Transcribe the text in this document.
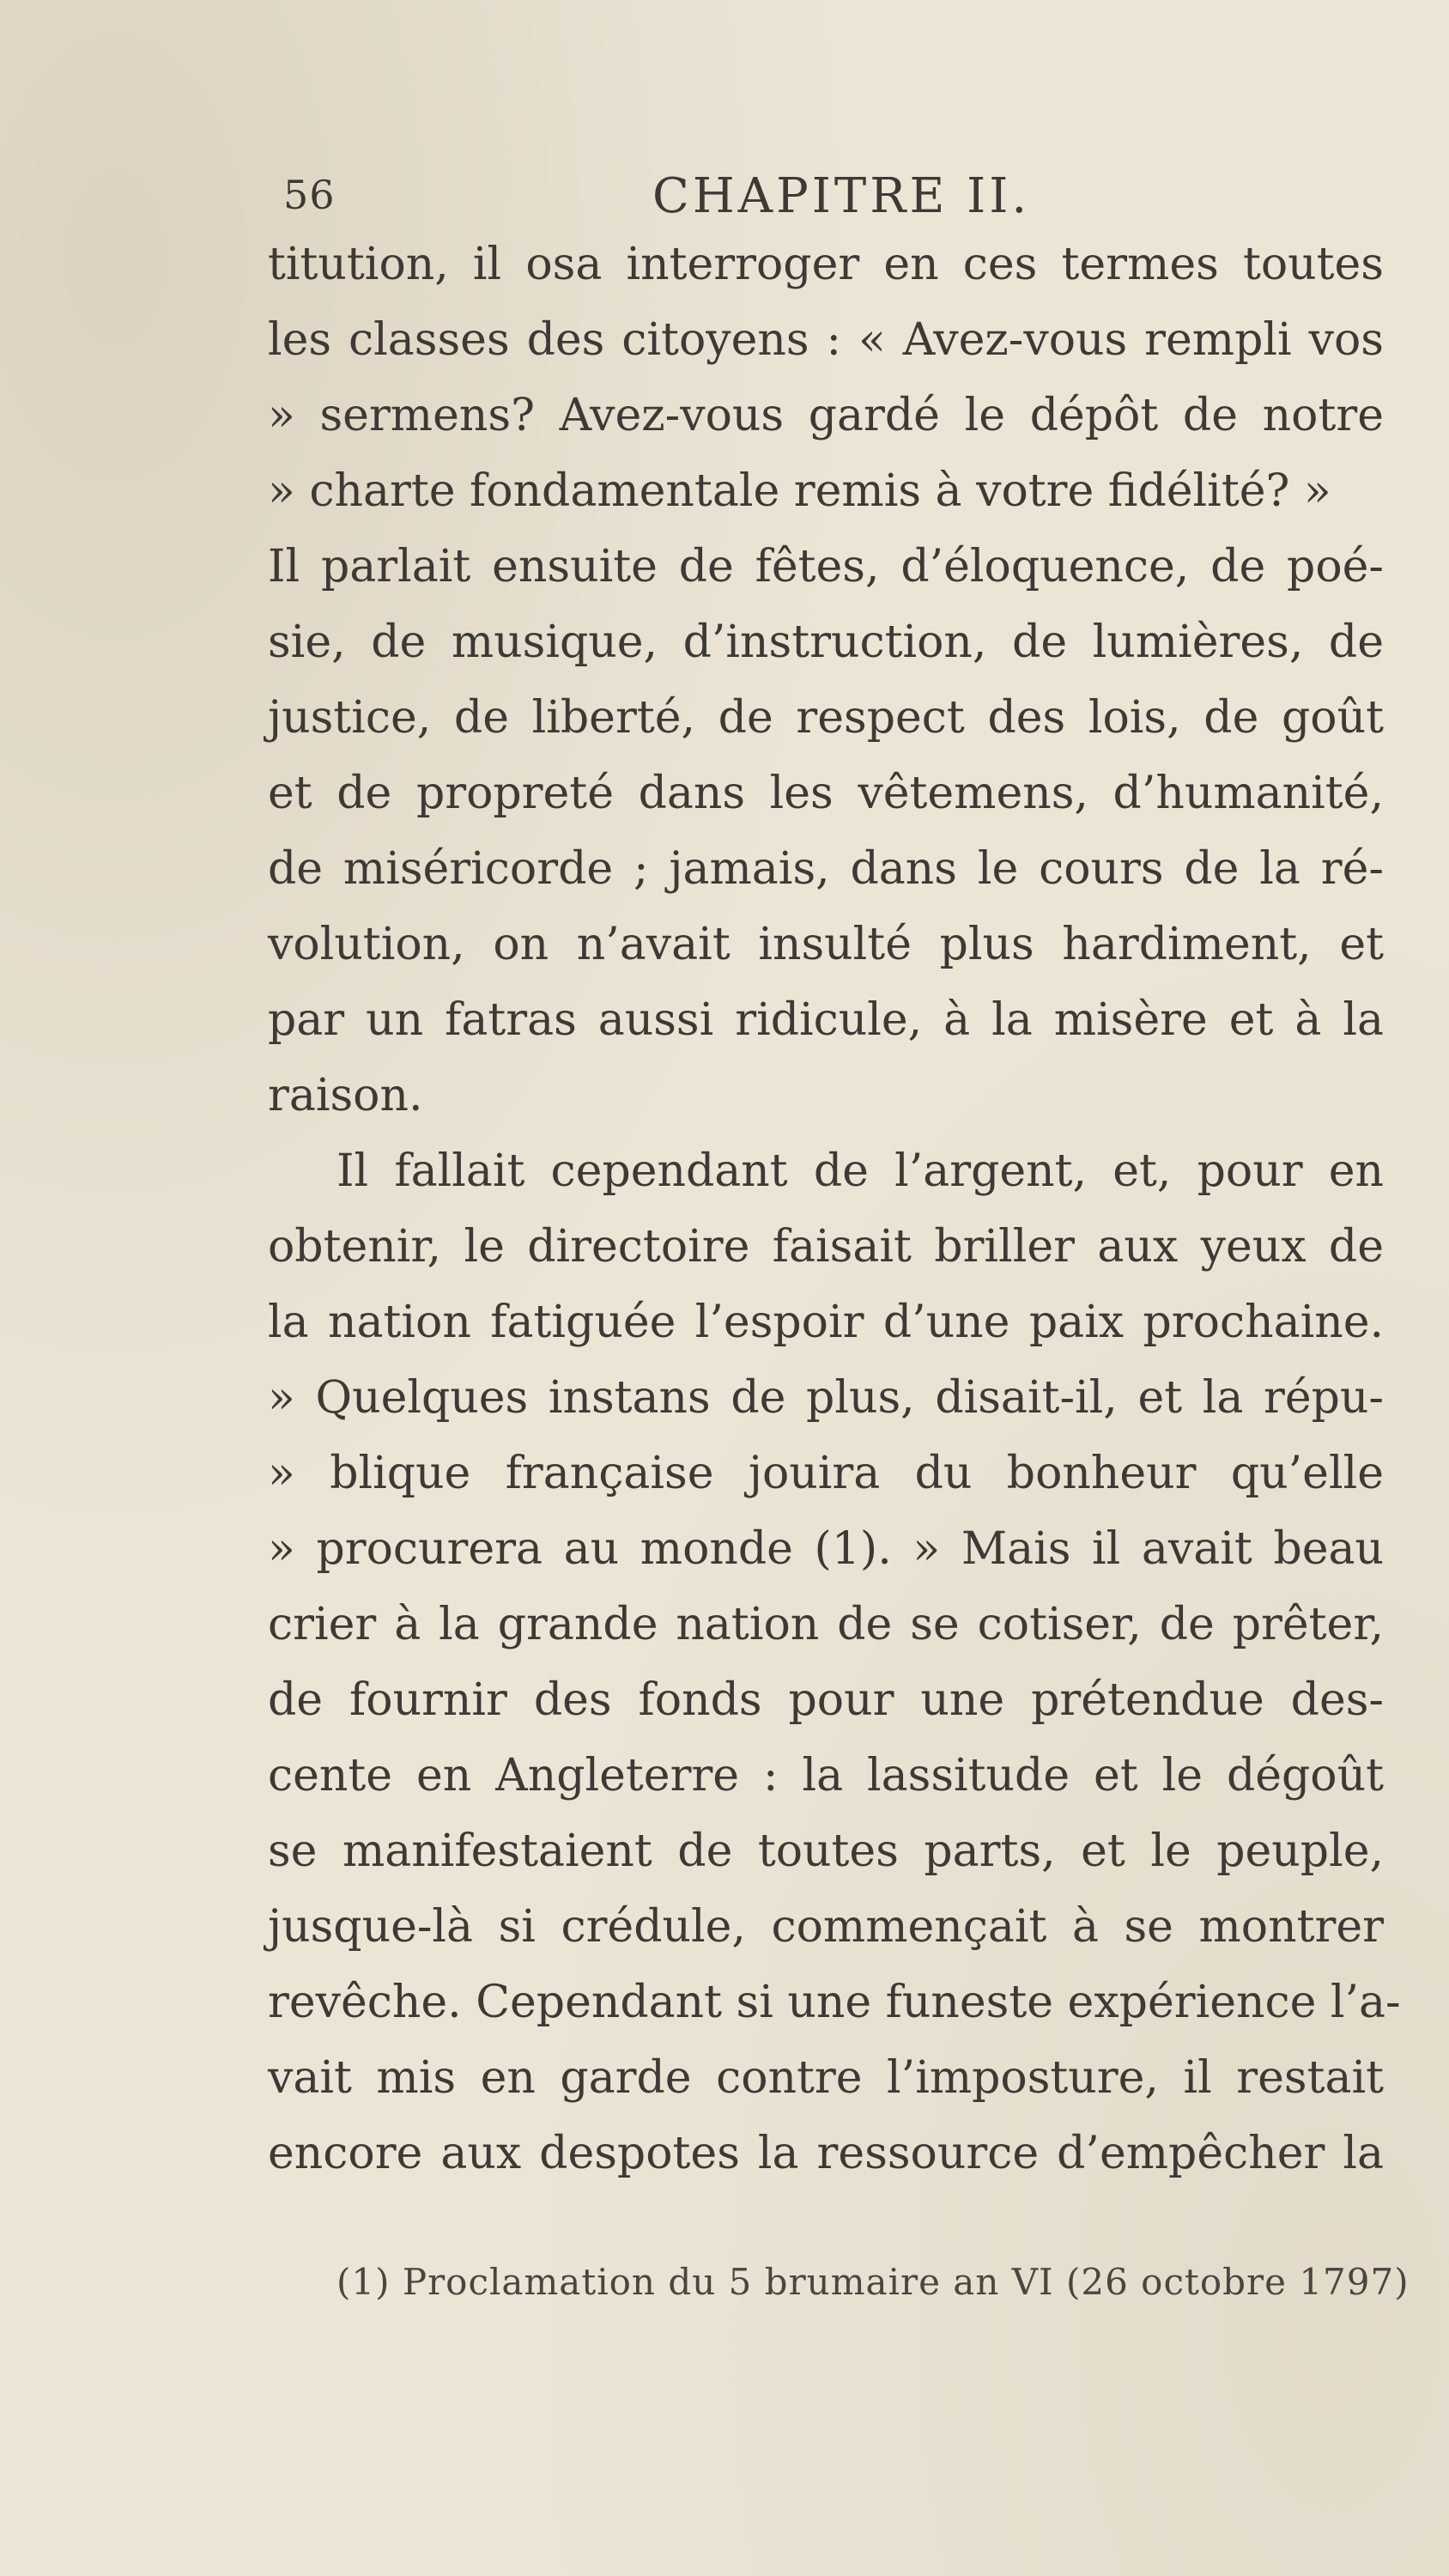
56	CHAPITRE II.
titution, il osa interroger en ces termes toutes
les classes des citoyens : « Avez-vous rempli vos
» sermens? Avez-vous gardé le dépôt de notre
» charte fondamentale remis à votre fidélité? »
Il parlait ensuite de fêtes, d’éloquence, de poé-
sie, de musique, d’instruction, de lumières, de
justice, de liberté, de respect des lois, de goût
et de propreté dans les vêtemens, d’humanité,
de miséricorde ; jamais, dans le cours de la ré-
volution, on n’avait insulté plus hardiment, et
par un fatras aussi ridicule, à la misère et à la
raison.
Il fallait cependant de l’argent, et, pour en
obtenir, le directoire faisait briller aux yeux de
la nation fatiguée l’espoir d’une paix prochaine.
» Quelques instans de plus, disait-il, et la répu-
» blique française jouira du bonheur qu’elle
» procurera au monde (1). » Mais il avait beau
crier à la grande nation de se cotiser, de prêter,
de fournir des fonds pour une prétendue des-
cente en Angleterre : la lassitude et le dégoût
se manifestaient de toutes parts, et le peuple,
jusque-là si crédule, commençait à se montrer
revêche. Cependant si une funeste expérience l’a-
vait mis en garde contre l’imposture, il restait
encore aux despotes la ressource d’empêcher la
(1) Proclamation du 5 brumaire an VI (26 octobre 1797)
